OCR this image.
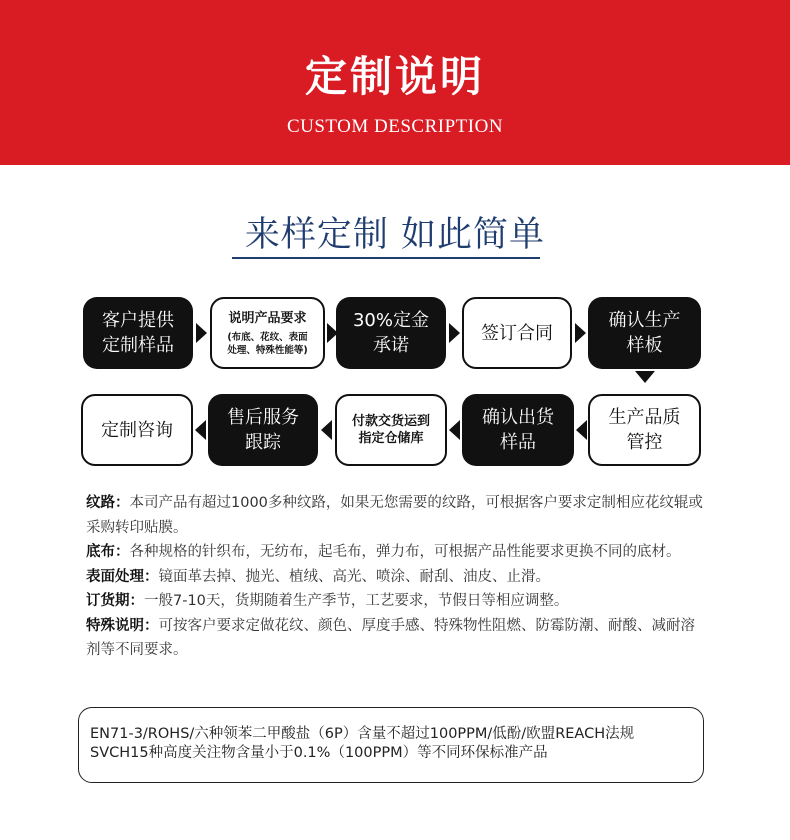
定制说明
CUSTOM DESCRIPTION
来样定制 如此简单
客户提供
定制样品
说明产品要求
(布底、花纹、表面
处理、特殊性能等)
30%定金
承诺
签订合同
确认生产
样板
定制咨询
售后服务
跟踪
付款交货运到
指定仓储库
确认出货
样品
生产品质
管控

纹路：本司产品有超过1000多种纹路，如果无您需要的纹路，可根据客户要求定制相应花纹辊或采购转印贴膜。

底布：各种规格的针织布，无纺布，起毛布，弹力布，可根据产品性能要求更换不同的底材。

表面处理：镜面革去掉、抛光、植绒、高光、喷涂、耐刮、油皮、止滑。

订货期：一般7-10天，货期随着生产季节，工艺要求，节假日等相应调整。

特殊说明：可按客户要求定做花纹、颜色、厚度手感、特殊物性阻燃、防霉防潮、耐酸、减耐溶剂等不同要求。

EN71-3/ROHS/六种领苯二甲酸盐（6P）含量不超过100PPM/低酚/欧盟REACH法规
SVCH15种高度关注物含量小于0.1%（100PPM）等不同环保标准产品
